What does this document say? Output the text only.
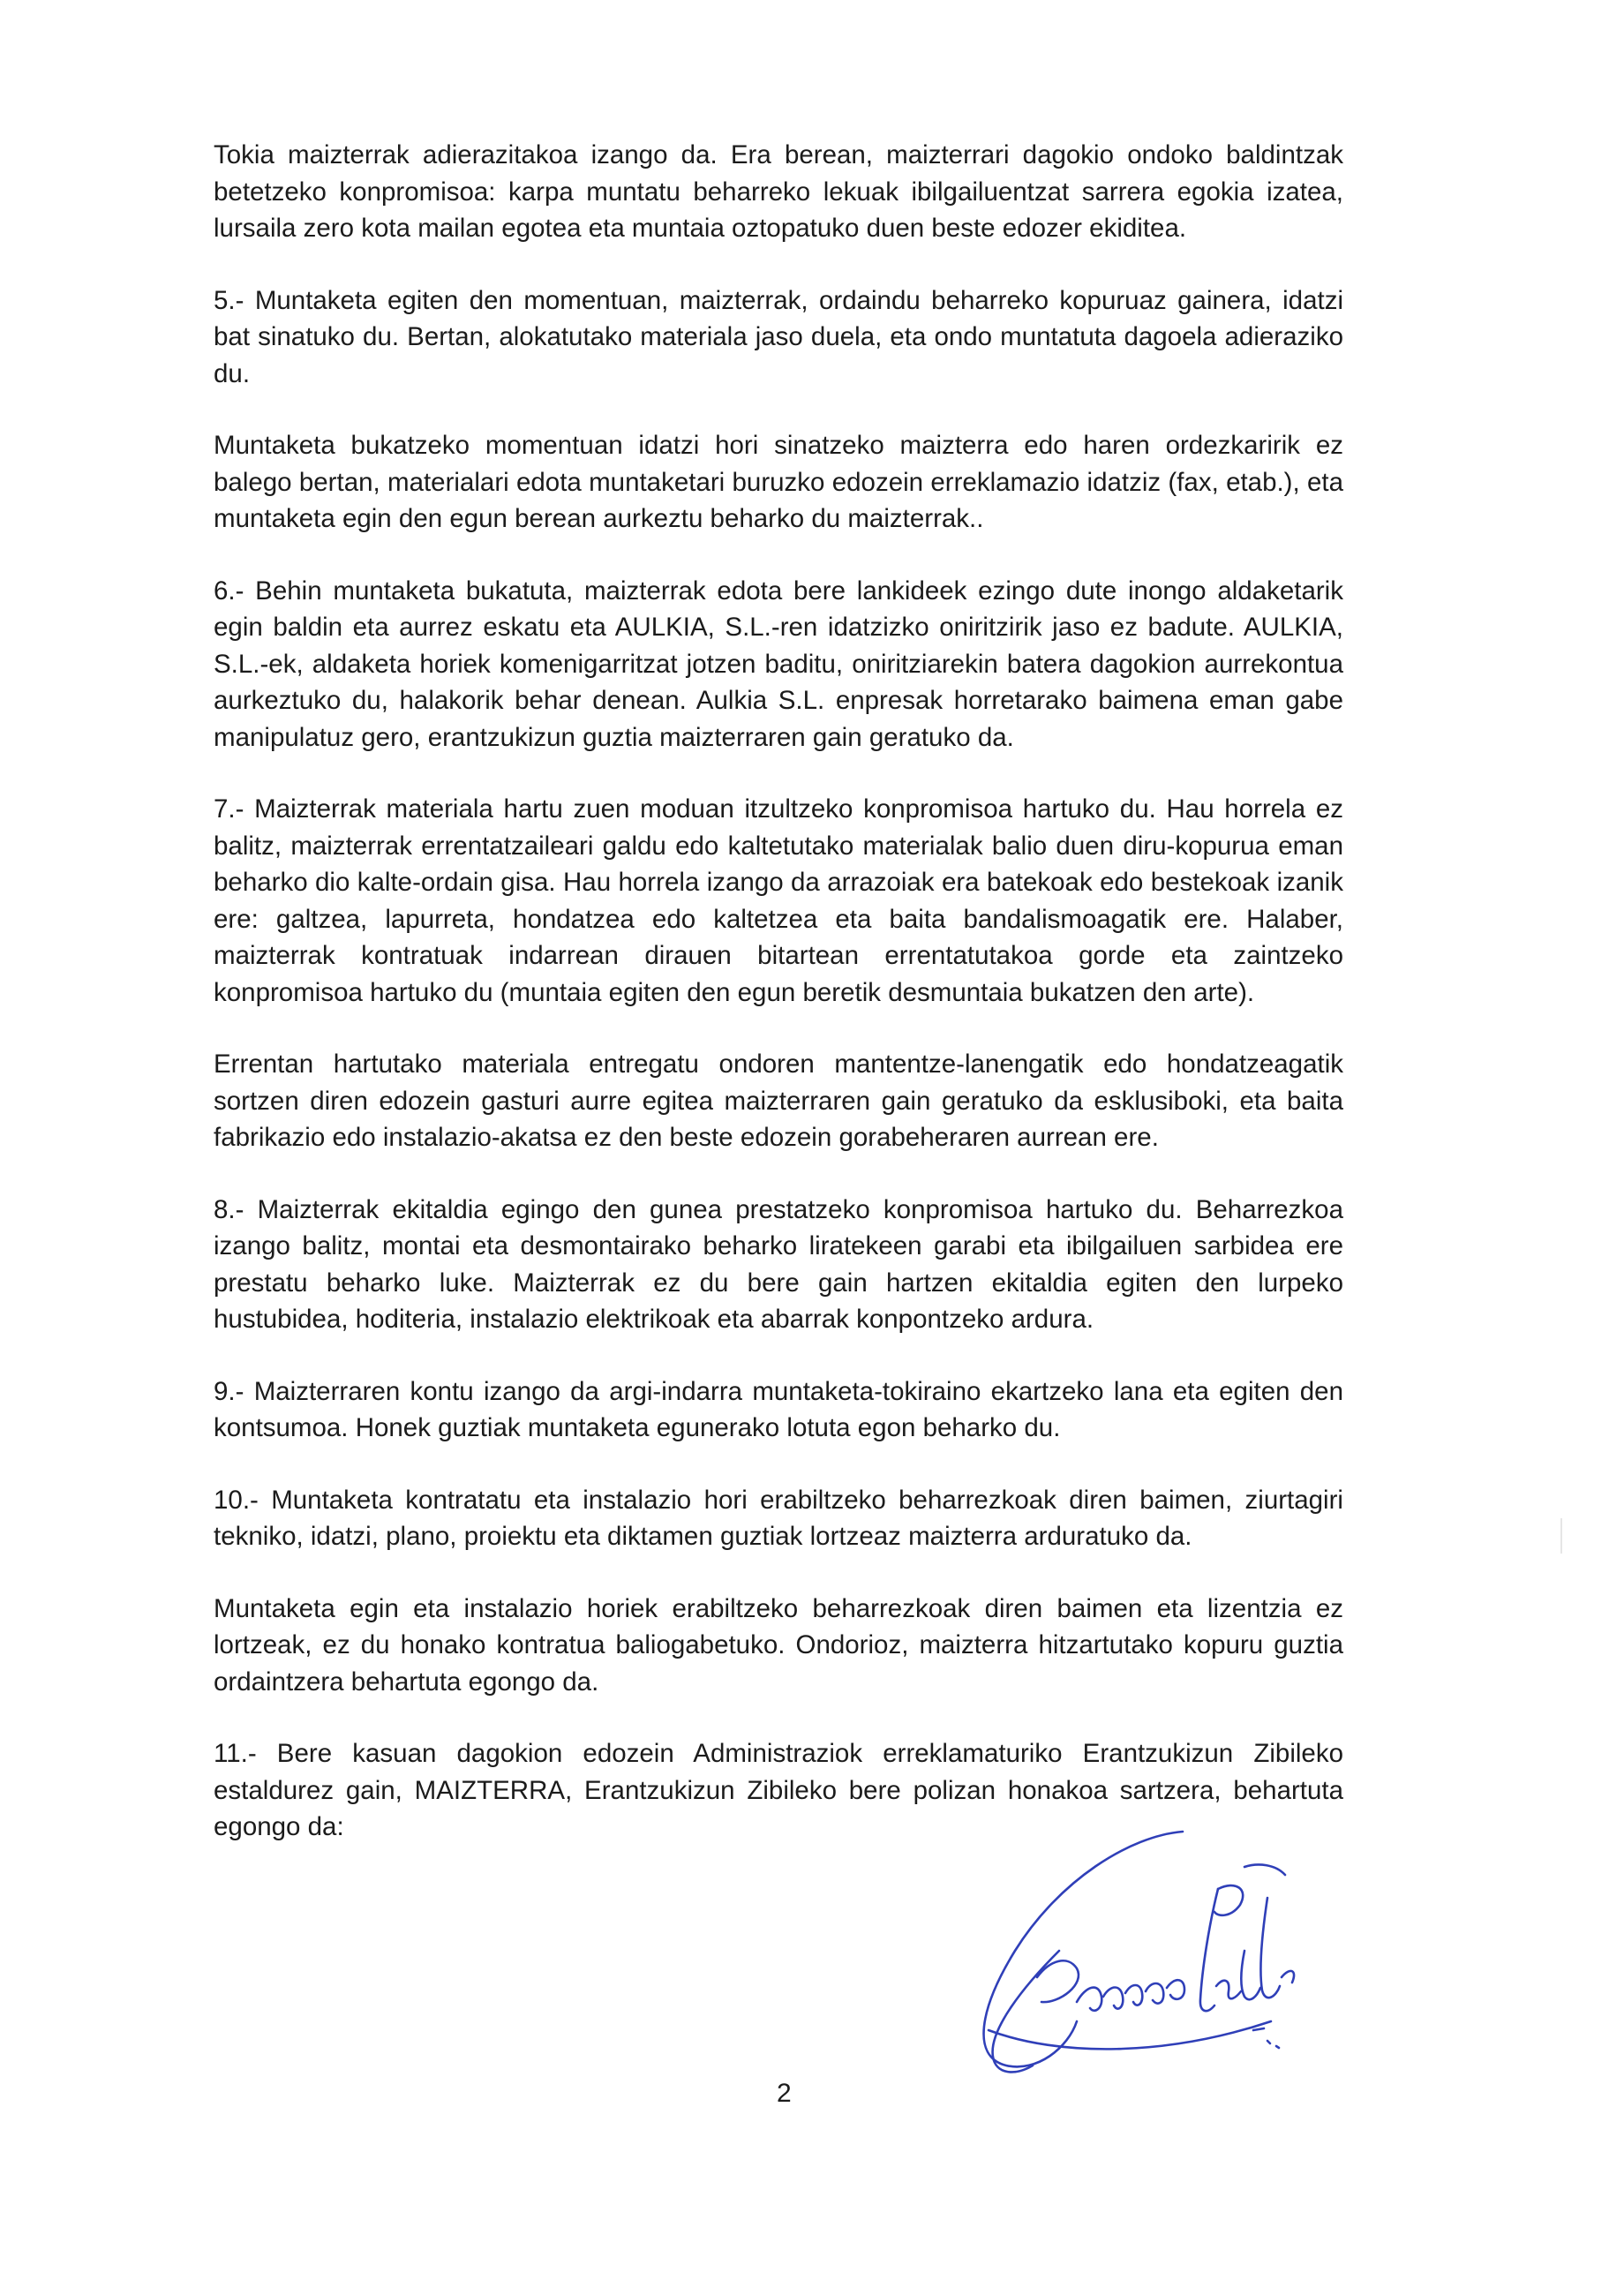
Tokia maizterrak adierazitakoa izango da. Era berean, maizterrari dagokio ondoko baldintzak betetzeko konpromisoa: karpa muntatu beharreko lekuak ibilgailuentzat sarrera egokia izatea, lursaila zero kota mailan egotea eta muntaia oztopatuko duen beste edozer ekiditea.

5.- Muntaketa egiten den momentuan, maizterrak, ordaindu beharreko kopuruaz gainera, idatzi bat sinatuko du. Bertan, alokatutako materiala jaso duela, eta ondo muntatuta dagoela adieraziko du.

Muntaketa bukatzeko momentuan idatzi hori sinatzeko maizterra edo haren ordezkaririk ez balego bertan, materialari edota muntaketari buruzko edozein erreklamazio idatziz (fax, etab.), eta muntaketa egin den egun berean aurkeztu beharko du maizterrak..

6.- Behin muntaketa bukatuta, maizterrak edota bere lankideek ezingo dute inongo aldaketarik egin baldin eta aurrez eskatu eta AULKIA, S.L.-ren idatzizko oniritzirik jaso ez badute. AULKIA, S.L.-ek, aldaketa horiek komenigarritzat jotzen baditu, oniritziarekin batera dagokion aurrekontua aurkeztuko du, halakorik behar denean. Aulkia S.L. enpresak horretarako baimena eman gabe manipulatuz gero, erantzukizun guztia maizterraren gain geratuko da.

7.- Maizterrak materiala hartu zuen moduan itzultzeko konpromisoa hartuko du. Hau horrela ez balitz, maizterrak errentatzaileari galdu edo kaltetutako materialak balio duen diru-kopurua eman beharko dio kalte-ordain gisa. Hau horrela izango da arrazoiak era batekoak edo bestekoak izanik ere: galtzea, lapurreta, hondatzea edo kaltetzea eta baita bandalismoagatik ere. Halaber, maizterrak kontratuak indarrean dirauen bitartean errentatutakoa gorde eta zaintzeko konpromisoa hartuko du (muntaia egiten den egun beretik desmuntaia bukatzen den arte).

Errentan hartutako materiala entregatu ondoren mantentze-lanengatik edo hondatzeagatik sortzen diren edozein gasturi aurre egitea maizterraren gain geratuko da esklusiboki, eta baita fabrikazio edo instalazio-akatsa ez den beste edozein gorabeheraren aurrean ere.

8.- Maizterrak ekitaldia egingo den gunea prestatzeko konpromisoa hartuko du. Beharrezkoa izango balitz, montai eta desmontairako beharko liratekeen garabi eta ibilgailuen sarbidea ere prestatu beharko luke. Maizterrak ez du bere gain hartzen ekitaldia egiten den lurpeko hustubidea, hoditeria, instalazio elektrikoak eta abarrak konpontzeko ardura.

9.- Maizterraren kontu izango da argi-indarra muntaketa-tokiraino ekartzeko lana eta egiten den kontsumoa. Honek guztiak muntaketa egunerako lotuta egon beharko du.

10.- Muntaketa kontratatu eta instalazio hori erabiltzeko beharrezkoak diren baimen, ziurtagiri tekniko, idatzi, plano, proiektu eta diktamen guztiak lortzeaz maizterra arduratuko da.

Muntaketa egin eta instalazio horiek erabiltzeko beharrezkoak diren baimen eta lizentzia ez lortzeak, ez du honako kontratua baliogabetuko. Ondorioz, maizterra hitzartutako kopuru guztia ordaintzera behartuta egongo da.

11.- Bere kasuan dagokion edozein Administraziok erreklamaturiko Erantzukizun Zibileko estaldurez gain, MAIZTERRA, Erantzukizun Zibileko bere polizan honakoa sartzera, behartuta egongo da:

2
